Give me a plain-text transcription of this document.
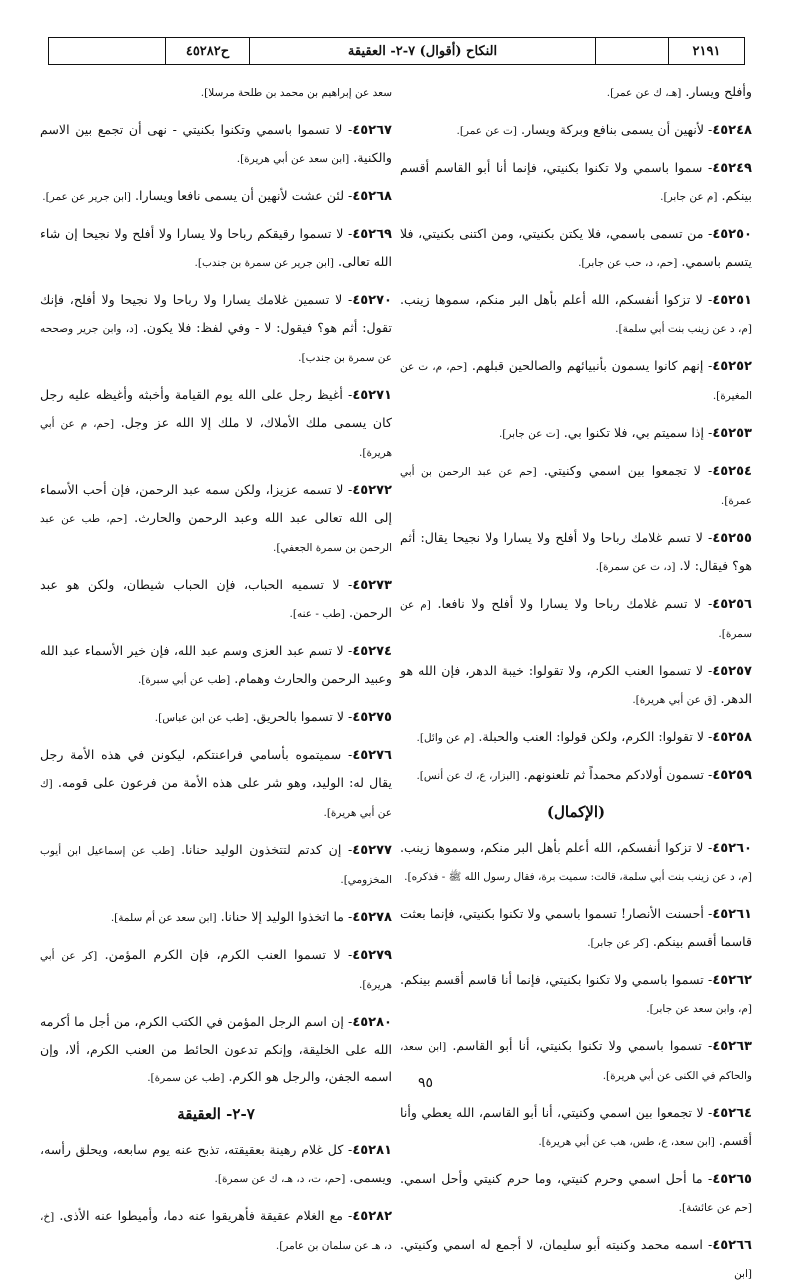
٢١٩١
النكاح (أقوال) ٧-٢- العقيقة
ح٤٥٢٨٢
وأفلح ويسار. [هـ، ك عن عمر].
٤٥٢٤٨- لأنهين أن يسمى بنافع وبركة ويسار. [ت عن عمر].
٤٥٢٤٩- سموا باسمي ولا تكنوا بكنيتي، فإنما أنا أبو القاسم أقسم بينكم. [م عن جابر].
٤٥٢٥٠- من تسمى باسمي، فلا يكتن بكنيتي، ومن اكتنى بكنيتي، فلا يتسم باسمي. [حم، د، حب عن جابر].
٤٥٢٥١- لا تزكوا أنفسكم، الله أعلم بأهل البر منكم، سموها زينب. [م، د عن زينب بنت أبي سلمة].
٤٥٢٥٢- إنهم كانوا يسمون بأنبيائهم والصالحين قبلهم. [حم، م، ت عن المغيرة].
٤٥٢٥٣- إذا سميتم بي، فلا تكنوا بي. [ت عن جابر].
٤٥٢٥٤- لا تجمعوا بين اسمي وكنيتي. [حم عن عبد الرحمن بن أبي عمرة].
٤٥٢٥٥- لا تسم غلامك رباحا ولا أفلح ولا يسارا ولا نجيحا يقال: أثم هو؟ فيقال: لا. [د، ت عن سمرة].
٤٥٢٥٦- لا تسم غلامك رباحا ولا يسارا ولا أفلح ولا نافعا. [م عن سمرة].
٤٥٢٥٧- لا تسموا العنب الكرم، ولا تقولوا: خيبة الدهر، فإن الله هو الدهر. [ق عن أبي هريرة].
٤٥٢٥٨- لا تقولوا: الكرم، ولكن قولوا: العنب والحبلة. [م عن وائل].
٤٥٢٥٩- تسمون أولادكم محمداً ثم تلعنونهم. [البزار، ع، ك عن أنس].
(الإكمال)
٤٥٢٦٠- لا تزكوا أنفسكم، الله أعلم بأهل البر منكم، وسموها زينب. [م، د عن زينب بنت أبي سلمة، قالت: سميت برة، فقال رسول الله ﷺ - فذكره].
٤٥٢٦١- أحسنت الأنصار! تسموا باسمي ولا تكنوا بكنيتي، فإنما بعثت قاسما أقسم بينكم. [كر عن جابر].
٤٥٢٦٢- تسموا باسمي ولا تكنوا بكنيتي، فإنما أنا قاسم أقسم بينكم. [م، وابن سعد عن جابر].
٤٥٢٦٣- تسموا باسمي ولا تكنوا بكنيتي، أنا أبو القاسم. [ابن سعد، والحاكم في الكنى عن أبي هريرة].
٤٥٢٦٤- لا تجمعوا بين اسمي وكنيتي، أنا أبو القاسم، الله يعطي وأنا أقسم. [ابن سعد، ع، طس، هب عن أبي هريرة].
٤٥٢٦٥- ما أحل اسمي وحرم كنيتي، وما حرم كنيتي وأحل اسمي. [حم عن عائشة].
٤٥٢٦٦- اسمه محمد وكنيته أبو سليمان، لا أجمع له اسمي وكنيتي. [ابن
سعد عن إبراهيم بن محمد بن طلحة مرسلا].
٤٥٢٦٧- لا تسموا باسمي وتكنوا بكنيتي - نهى أن تجمع بين الاسم والكنية. [ابن سعد عن أبي هريرة].
٤٥٢٦٨- لئن عشت لأنهين أن يسمى نافعا ويسارا. [ابن جرير عن عمر].
٤٥٢٦٩- لا تسموا رقيقكم رباحا ولا يسارا ولا أفلح ولا نجيحا إن شاء الله تعالى. [ابن جرير عن سمرة بن جندب].
٤٥٢٧٠- لا تسمين غلامك يسارا ولا رباحا ولا نجيحا ولا أفلح، فإنك تقول: أثم هو؟ فيقول: لا - وفي لفظ: فلا يكون. [د، وابن جرير وصححه عن سمرة بن جندب].
٤٥٢٧١- أغيظ رجل على الله يوم القيامة وأخبثه وأغيظه عليه رجل كان يسمى ملك الأملاك، لا ملك إلا الله عز وجل. [حم، م عن أبي هريرة].
٤٥٢٧٢- لا تسمه عزيزا، ولكن سمه عبد الرحمن، فإن أحب الأسماء إلى الله تعالى عبد الله وعبد الرحمن والحارث. [حم، طب عن عبد الرحمن بن سمرة الجعفي].
٤٥٢٧٣- لا تسميه الحباب، فإن الحباب شيطان، ولكن هو عبد الرحمن. [طب - عنه].
٤٥٢٧٤- لا تسم عبد العزى وسم عبد الله، فإن خير الأسماء عبد الله وعبيد الرحمن والحارث وهمام. [طب عن أبي سبرة].
٤٥٢٧٥- لا تسموا بالحريق. [طب عن ابن عباس].
٤٥٢٧٦- سميتموه بأسامي فراعنتكم، ليكونن في هذه الأمة رجل يقال له: الوليد، وهو شر على هذه الأمة من فرعون على قومه. [ك عن أبي هريرة].
٤٥٢٧٧- إن كدتم لتتخذون الوليد حنانا. [طب عن إسماعيل ابن أيوب المخزومي].
٤٥٢٧٨- ما اتخذوا الوليد إلا حنانا. [ابن سعد عن أم سلمة].
٤٥٢٧٩- لا تسموا العنب الكرم، فإن الكرم المؤمن. [كر عن أبي هريرة].
٤٥٢٨٠- إن اسم الرجل المؤمن في الكتب الكرم، من أجل ما أكرمه الله على الخليقة، وإنكم تدعون الحائط من العنب الكرم، ألا، وإن اسمه الجفن، والرجل هو الكرم. [طب عن سمرة].
٧-٢- العقيقة
٤٥٢٨١- كل غلام رهينة بعقيقته، تذبح عنه يوم سابعه، ويحلق رأسه، ويسمى. [حم، ت، د، هـ، ك عن سمرة].
٤٥٢٨٢- مع الغلام عقيقة فأهريقوا عنه دما، وأميطوا عنه الأذى. [خ، د، هـ عن سلمان بن عامر].
٩٥
